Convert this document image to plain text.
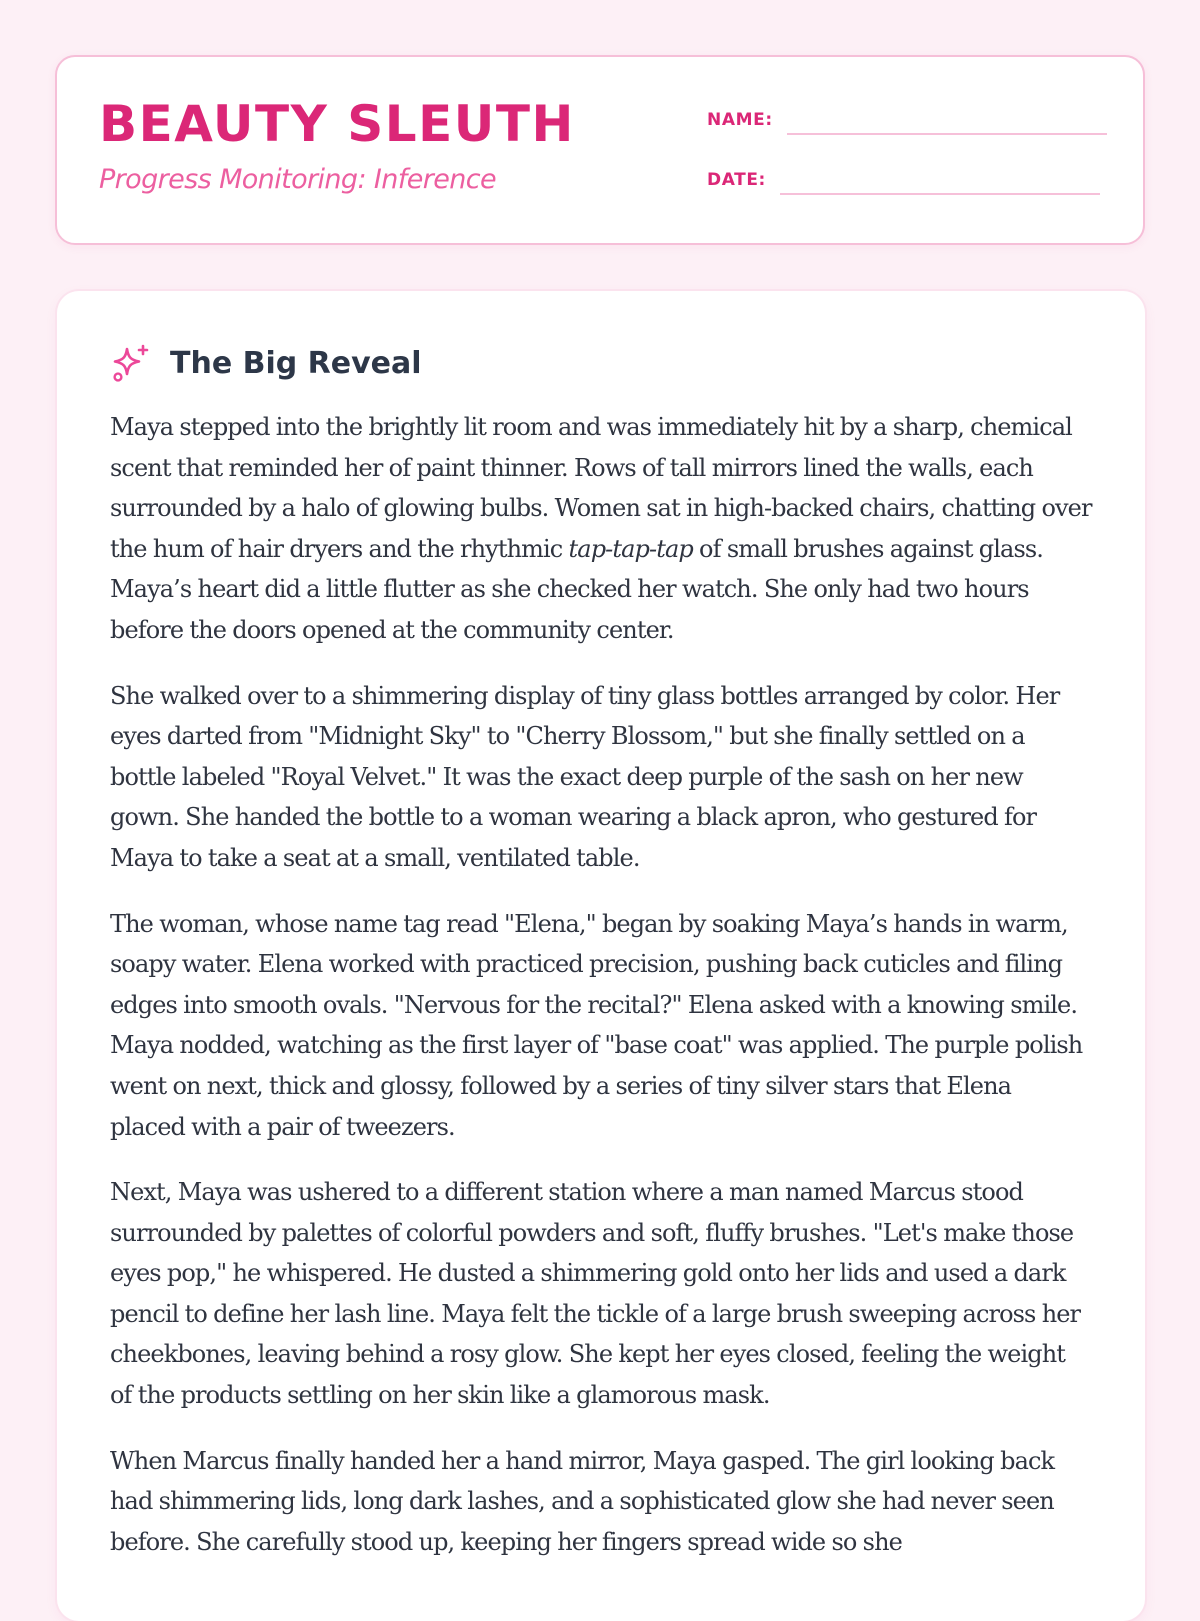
BEAUTY SLEUTH
Progress Monitoring: Inference
NAME:
DATE:
The Big Reveal

Maya stepped into the brightly lit room and was immediately hit by a sharp, chemical scent that reminded her of paint thinner. Rows of tall mirrors lined the walls, each surrounded by a halo of glowing bulbs. Women sat in high-backed chairs, chatting over the hum of hair dryers and the rhythmic tap-tap-tap of small brushes against glass. Maya’s heart did a little flutter as she checked her watch. She only had two hours before the doors opened at the community center.

She walked over to a shimmering display of tiny glass bottles arranged by color. Her eyes darted from "Midnight Sky" to "Cherry Blossom," but she finally settled on a bottle labeled "Royal Velvet." It was the exact deep purple of the sash on her new gown. She handed the bottle to a woman wearing a black apron, who gestured for Maya to take a seat at a small, ventilated table.

The woman, whose name tag read "Elena," began by soaking Maya’s hands in warm, soapy water. Elena worked with practiced precision, pushing back cuticles and filing edges into smooth ovals. "Nervous for the recital?" Elena asked with a knowing smile. Maya nodded, watching as the first layer of "base coat" was applied. The purple polish went on next, thick and glossy, followed by a series of tiny silver stars that Elena placed with a pair of tweezers.

Next, Maya was ushered to a different station where a man named Marcus stood surrounded by palettes of colorful powders and soft, fluffy brushes. "Let's make those eyes pop," he whispered. He dusted a shimmering gold onto her lids and used a dark pencil to define her lash line. Maya felt the tickle of a large brush sweeping across her cheekbones, leaving behind a rosy glow. She kept her eyes closed, feeling the weight of the products settling on her skin like a glamorous mask.

When Marcus finally handed her a hand mirror, Maya gasped. The girl looking back had shimmering lids, long dark lashes, and a sophisticated glow she had never seen before. She carefully stood up, keeping her fingers spread wide so she
